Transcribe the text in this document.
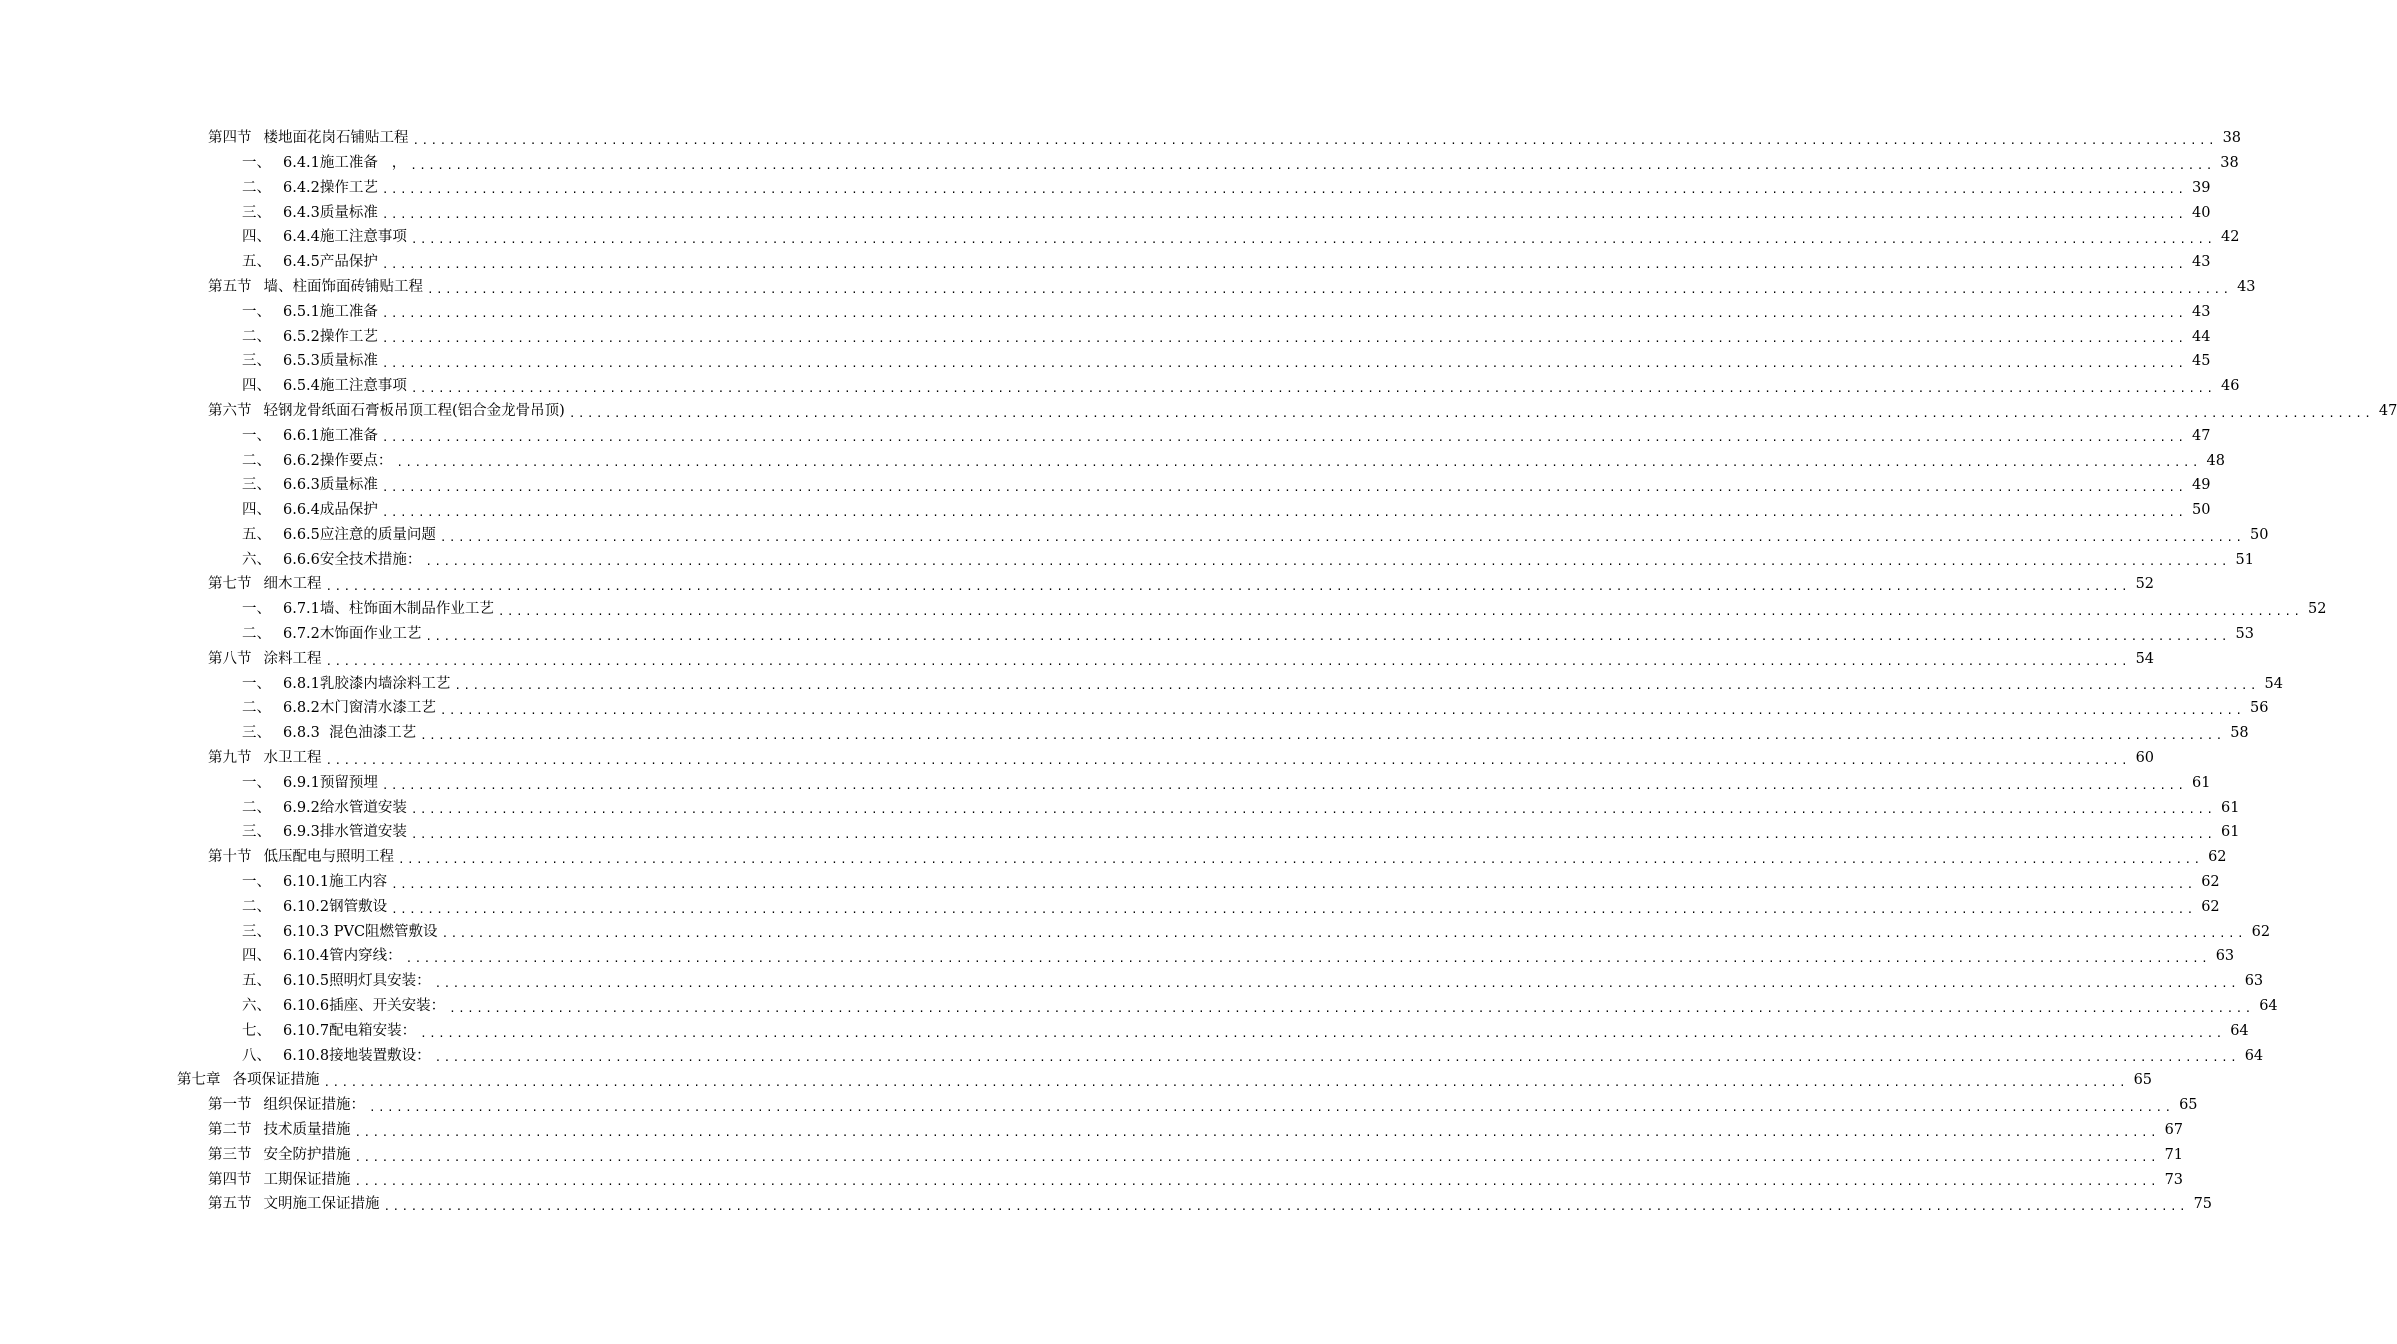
第四节 楼地面花岗石铺贴工程 ........................................................................................................................................................................................................ 38
一、 6.4.1施工准备   ， ........................................................................................................................................................................................................ 38
二、 6.4.2操作工艺 ........................................................................................................................................................................................................ 39
三、 6.4.3质量标准 ........................................................................................................................................................................................................ 40
四、 6.4.4施工注意事项 ........................................................................................................................................................................................................ 42
五、 6.4.5产品保护 ........................................................................................................................................................................................................ 43
第五节 墙、柱面饰面砖铺贴工程 ........................................................................................................................................................................................................ 43
一、 6.5.1施工准备 ........................................................................................................................................................................................................ 43
二、 6.5.2操作工艺 ........................................................................................................................................................................................................ 44
三、 6.5.3质量标准 ........................................................................................................................................................................................................ 45
四、 6.5.4施工注意事项 ........................................................................................................................................................................................................ 46
第六节 轻钢龙骨纸面石膏板吊顶工程(铝合金龙骨吊顶) ........................................................................................................................................................................................................ 47
一、 6.6.1施工准备 ........................................................................................................................................................................................................ 47
二、 6.6.2操作要点： ........................................................................................................................................................................................................ 48
三、 6.6.3质量标准 ........................................................................................................................................................................................................ 49
四、 6.6.4成品保护 ........................................................................................................................................................................................................ 50
五、 6.6.5应注意的质量问题 ........................................................................................................................................................................................................ 50
六、 6.6.6安全技术措施： ........................................................................................................................................................................................................ 51
第七节 细木工程 ........................................................................................................................................................................................................ 52
一、 6.7.1墙、柱饰面木制品作业工艺 ........................................................................................................................................................................................................ 52
二、 6.7.2木饰面作业工艺 ........................................................................................................................................................................................................ 53
第八节 涂料工程 ........................................................................................................................................................................................................ 54
一、 6.8.1乳胶漆内墙涂料工艺 ........................................................................................................................................................................................................ 54
二、 6.8.2木门窗清水漆工艺 ........................................................................................................................................................................................................ 56
三、 6.8.3  混色油漆工艺 ........................................................................................................................................................................................................ 58
第九节 水卫工程 ........................................................................................................................................................................................................ 60
一、 6.9.1预留预埋 ........................................................................................................................................................................................................ 61
二、 6.9.2给水管道安装 ........................................................................................................................................................................................................ 61
三、 6.9.3排水管道安装 ........................................................................................................................................................................................................ 61
第十节 低压配电与照明工程 ........................................................................................................................................................................................................ 62
一、 6.10.1施工内容 ........................................................................................................................................................................................................ 62
二、 6.10.2钢管敷设 ........................................................................................................................................................................................................ 62
三、 6.10.3 PVC阻燃管敷设 ........................................................................................................................................................................................................ 62
四、 6.10.4管内穿线： ........................................................................................................................................................................................................ 63
五、 6.10.5照明灯具安装： ........................................................................................................................................................................................................ 63
六、 6.10.6插座、开关安装： ........................................................................................................................................................................................................ 64
七、 6.10.7配电箱安装： ........................................................................................................................................................................................................ 64
八、 6.10.8接地装置敷设： ........................................................................................................................................................................................................ 64
第七章 各项保证措施 ........................................................................................................................................................................................................ 65
第一节 组织保证措施： ........................................................................................................................................................................................................ 65
第二节 技术质量措施 ........................................................................................................................................................................................................ 67
第三节 安全防护措施 ........................................................................................................................................................................................................ 71
第四节 工期保证措施 ........................................................................................................................................................................................................ 73
第五节 文明施工保证措施 ........................................................................................................................................................................................................ 75
